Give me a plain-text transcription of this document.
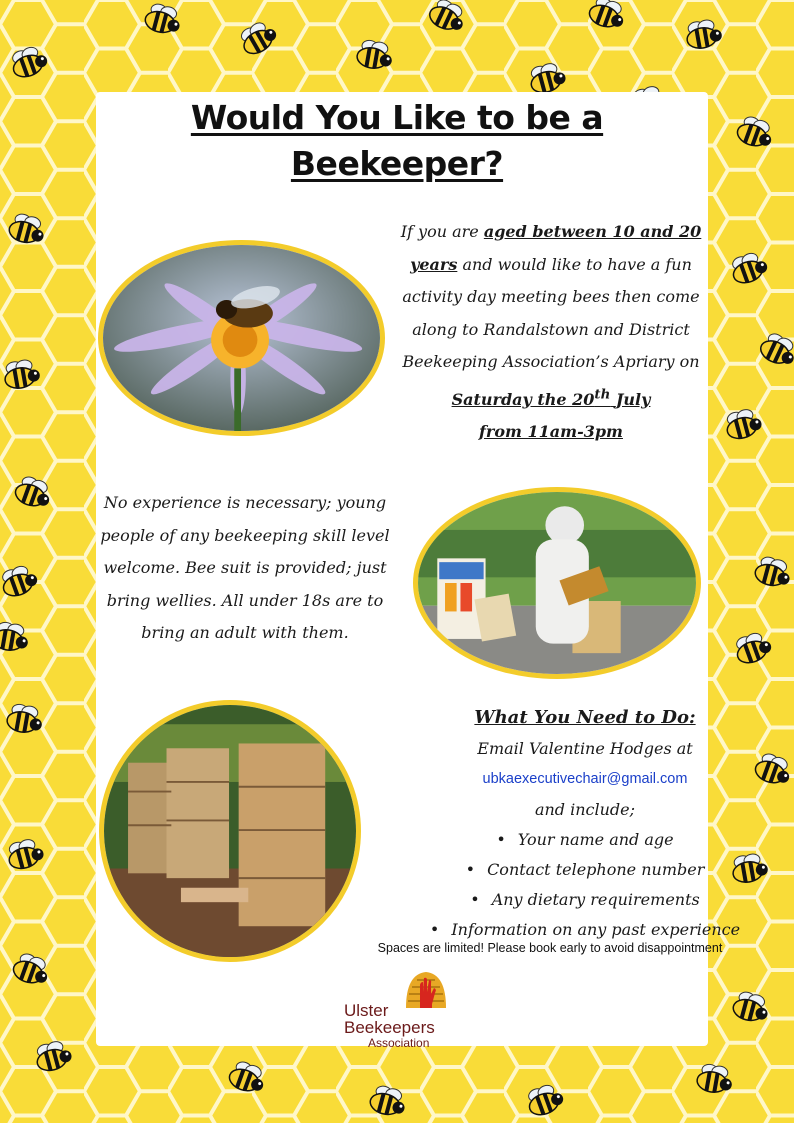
Would You Like to be a
Beekeeper?
If you are aged between 10 and 20 years and would like to have a fun activity day meeting bees then come along to Randalstown and District Beekeeping Association’s Apriary on Saturday the 20th July
from 11am-3pm
No experience is necessary; young people of any beekeeping skill level welcome. Bee suit is provided; just bring wellies. All under 18s are to bring an adult with them.
What You Need to Do:
Email Valentine Hodges at
ubkaexecutivechair@gmail.com
and include;
• Your name and age
• Contact telephone number
• Any dietary requirements
• Information on any past experience
Spaces are limited! Please book early to avoid disappointment
Ulster
Beekeepers
Association
